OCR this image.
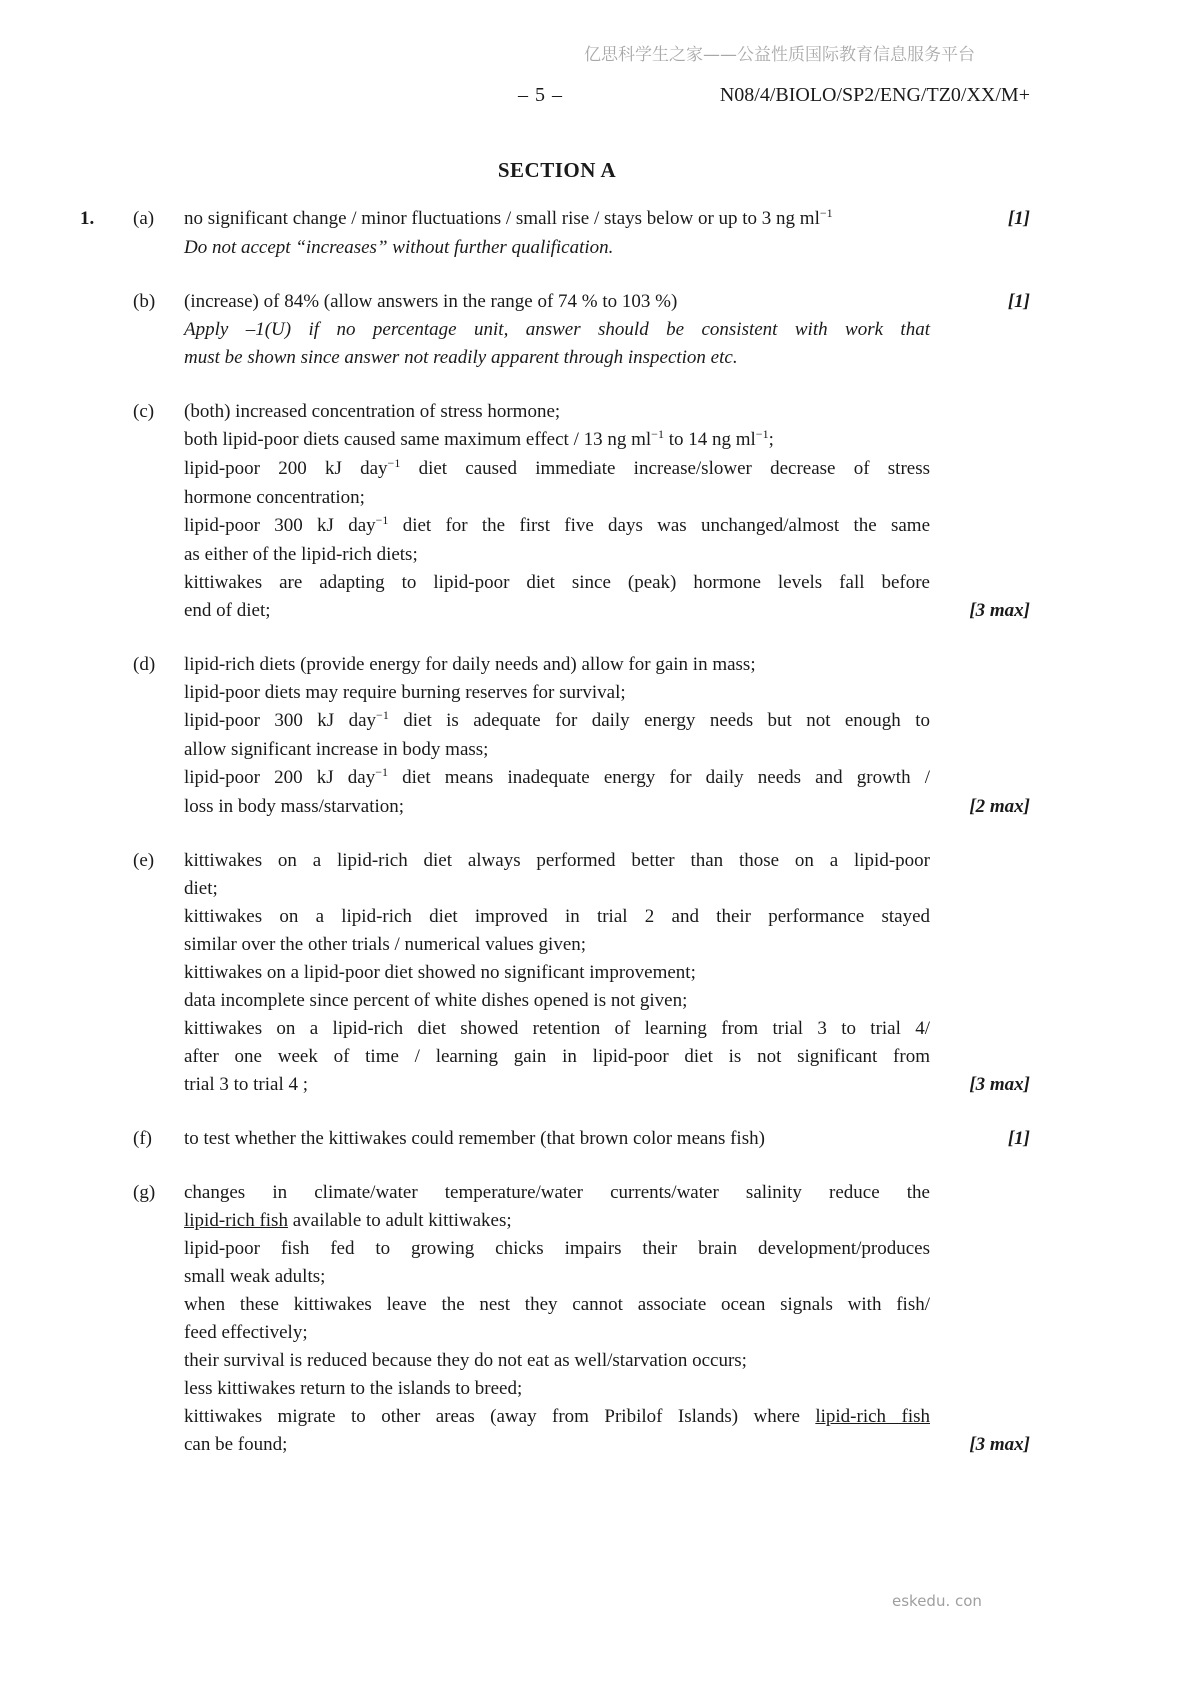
亿思科学生之家——公益性质国际教育信息服务平台
– 5 –	N08/4/BIOLO/SP2/ENG/TZ0/XX/M+
SECTION A
1.	(a)	no significant change / minor fluctuations / small rise / stays below or up to 3 ng $ml^{-1}$	[1]
Do not accept “increases” without further qualification.
(b)	(increase) of 84% (allow answers in the range of 74 % to 103 %)	[1]
Apply –1(U) if no percentage unit, answer should be consistent with work that
must be shown since answer not readily apparent through inspection etc.
(c)	(both) increased concentration of stress hormone;
both lipid-poor diets caused same maximum effect / 13 ng $ml^{-1}$ to 14 ng $ml^{-1}$;
lipid-poor 200 kJ day$^{-1}$ diet caused immediate increase/slower decrease of stress
hormone concentration;
lipid-poor 300 kJ day$^{-1}$ diet for the first five days was unchanged/almost the same
as either of the lipid-rich diets;
kittiwakes are adapting to lipid-poor diet since (peak) hormone levels fall before
end of diet;	[3 max]
(d)	lipid-rich diets (provide energy for daily needs and) allow for gain in mass;
lipid-poor diets may require burning reserves for survival;
lipid-poor 300 kJ day$^{-1}$ diet is adequate for daily energy needs but not enough to
allow significant increase in body mass;
lipid-poor 200 kJ day$^{-1}$ diet means inadequate energy for daily needs and growth /
loss in body mass/starvation;	[2 max]
(e)	kittiwakes on a lipid-rich diet always performed better than those on a lipid-poor
diet;
kittiwakes on a lipid-rich diet improved in trial 2 and their performance stayed
similar over the other trials / numerical values given;
kittiwakes on a lipid-poor diet showed no significant improvement;
data incomplete since percent of white dishes opened is not given;
kittiwakes on a lipid-rich diet showed retention of learning from trial 3 to trial 4/
after one week of time / learning gain in lipid-poor diet is not significant from
trial 3 to trial 4 ;	[3 max]
(f)	to test whether the kittiwakes could remember (that brown color means fish)	[1]
(g)	changes in climate/water temperature/water currents/water salinity reduce the
lipid-rich fish available to adult kittiwakes;
lipid-poor fish fed to growing chicks impairs their brain development/produces
small weak adults;
when these kittiwakes leave the nest they cannot associate ocean signals with fish/
feed effectively;
their survival is reduced because they do not eat as well/starvation occurs;
less kittiwakes return to the islands to breed;
kittiwakes migrate to other areas (away from Pribilof Islands) where lipid-rich fish
can be found;	[3 max]
eskedu. con
